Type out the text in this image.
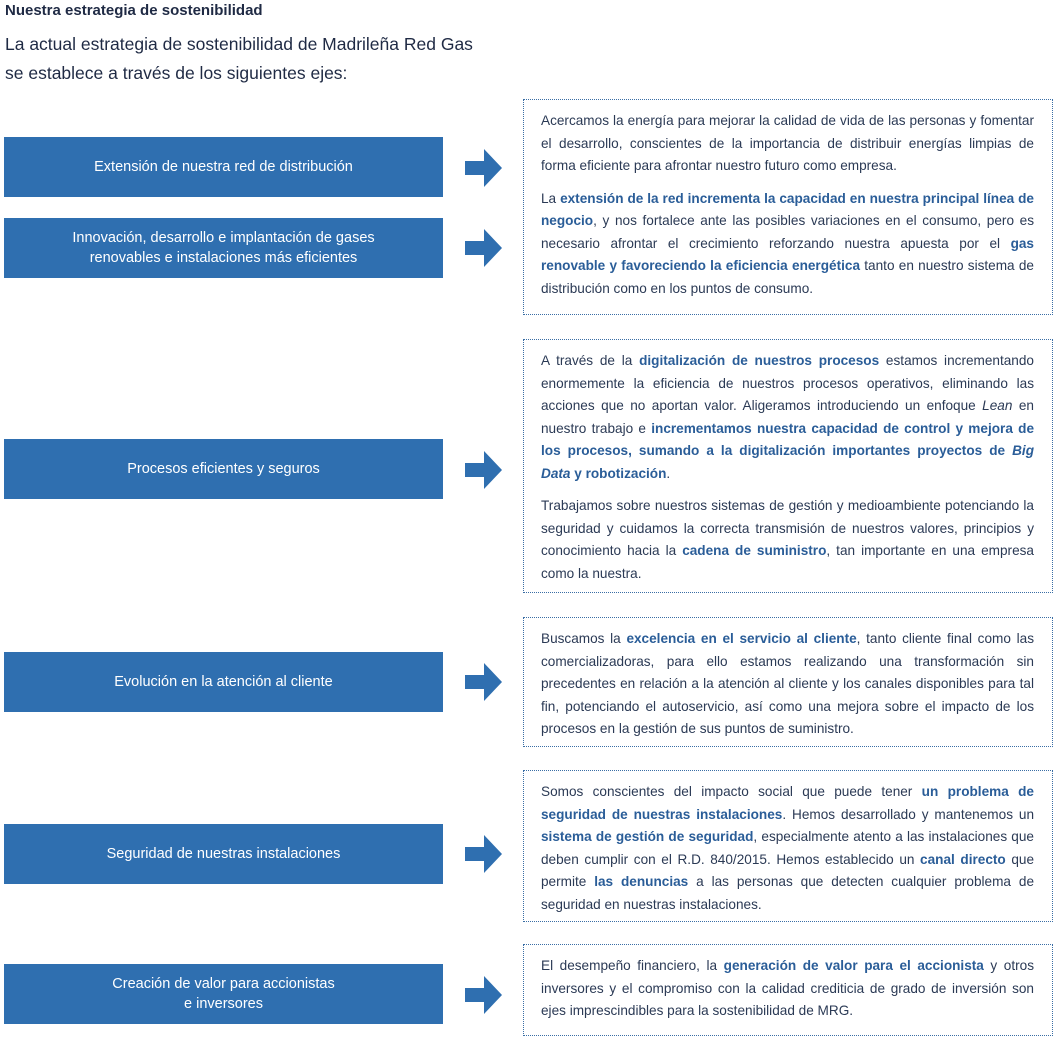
Nuestra estrategia de sostenibilidad
La actual estrategia de sostenibilidad de Madrileña Red Gas
se establece a través de los siguientes ejes:
Extensión de nuestra red de distribución
Innovación, desarrollo e implantación de gases
renovables e instalaciones más eficientes
Procesos eficientes y seguros
Evolución en la atención al cliente
Seguridad de nuestras instalaciones
Creación de valor para accionistas
e inversores

Acercamos la energía para mejorar la calidad de vida de las personas y fomentar el desarrollo, conscientes de la importancia de distribuir energías limpias de forma eficiente para afrontar nuestro futuro como empresa.

La extensión de la red incrementa la capacidad en nuestra principal línea de negocio, y nos fortalece ante las posibles variaciones en el consumo, pero es necesario afrontar el crecimiento reforzando nuestra apuesta por el gas renovable y favoreciendo la eficiencia energética tanto en nuestro sistema de distribución como en los puntos de consumo.

A través de la digitalización de nuestros procesos estamos incrementando enormemente la eficiencia de nuestros procesos operativos, eliminando las acciones que no aportan valor. Aligeramos introduciendo un enfoque Lean en nuestro trabajo e incrementamos nuestra capacidad de control y mejora de los procesos, sumando a la digitalización importantes proyectos de Big Data y robotización.

Trabajamos sobre nuestros sistemas de gestión y medioambiente potenciando la seguridad y cuidamos la correcta transmisión de nuestros valores, principios y conocimiento hacia la cadena de suministro, tan importante en una empresa como la nuestra.

Buscamos la excelencia en el servicio al cliente, tanto cliente final como las comercializadoras, para ello estamos realizando una transformación sin precedentes en relación a la atención al cliente y los canales disponibles para tal fin, potenciando el autoservicio, así como una mejora sobre el impacto de los procesos en la gestión de sus puntos de suministro.

Somos conscientes del impacto social que puede tener un problema de seguridad de nuestras instalaciones. Hemos desarrollado y mantenemos un sistema de gestión de seguridad, especialmente atento a las instalaciones que deben cumplir con el R.D. 840/2015. Hemos establecido un canal directo que permite las denuncias a las personas que detecten cualquier problema de seguridad en nuestras instalaciones.

El desempeño financiero, la generación de valor para el accionista y otros inversores y el compromiso con la calidad crediticia de grado de inversión son ejes imprescindibles para la sostenibilidad de MRG.
